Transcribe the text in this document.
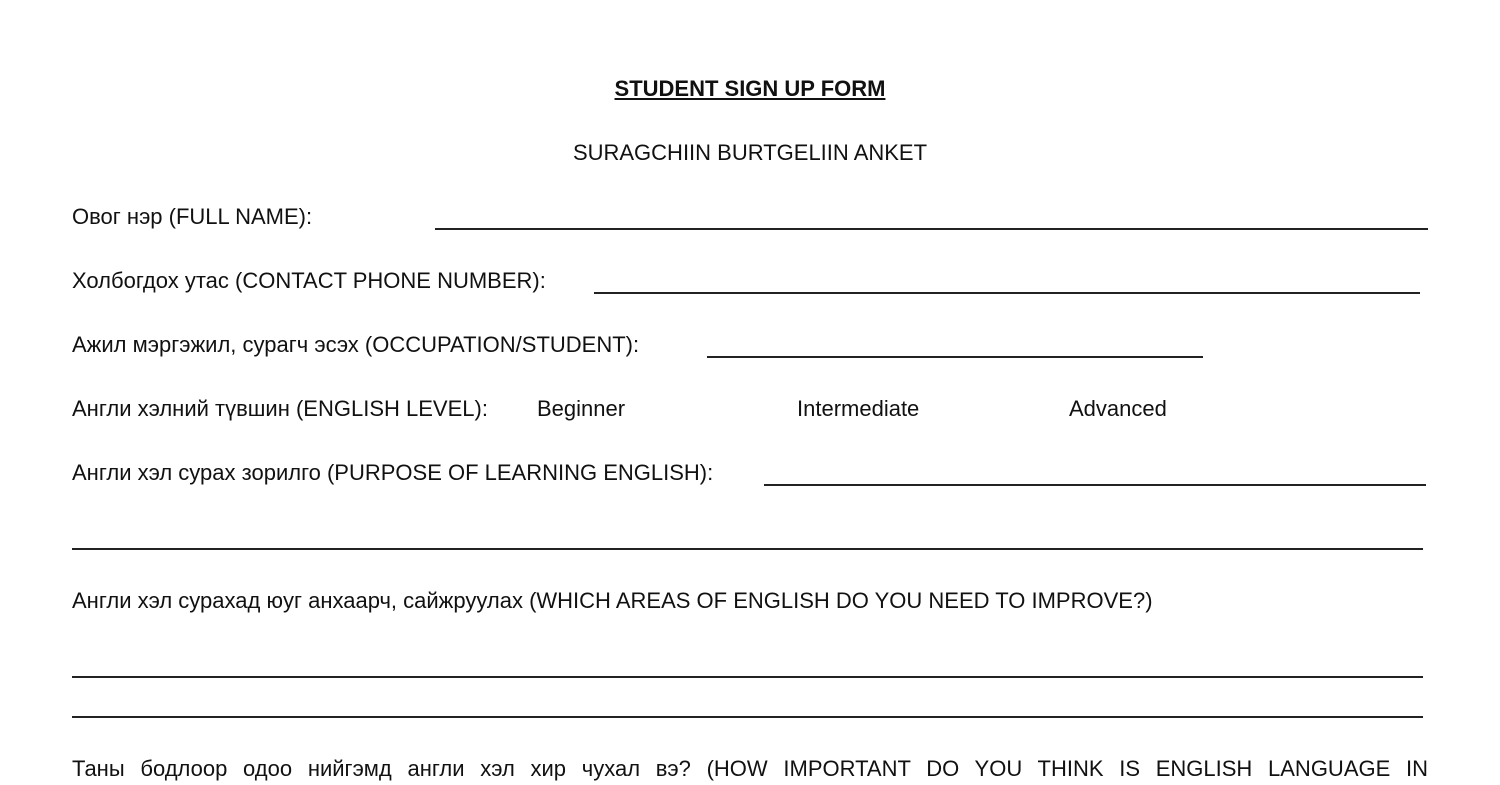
STUDENT SIGN UP FORM
SURAGCHIIN BURTGELIIN ANKET
Овог нэр (FULL NAME):
Холбогдох утас (CONTACT PHONE NUMBER):
Ажил мэргэжил, сурагч эсэх (OCCUPATION/STUDENT):
Англи хэлний түвшин (ENGLISH LEVEL): Beginner	Intermediate	Advanced
Англи хэл сурах зорилго (PURPOSE OF LEARNING ENGLISH):
Англи хэл сурахад юуг анхаарч, сайжруулах (WHICH AREAS OF ENGLISH DO YOU NEED TO IMPROVE?)
Таны бодлоор одоо нийгэмд англи хэл хир чухал вэ? (HOW IMPORTANT DO YOU THINK IS ENGLISH LANGUAGE IN
